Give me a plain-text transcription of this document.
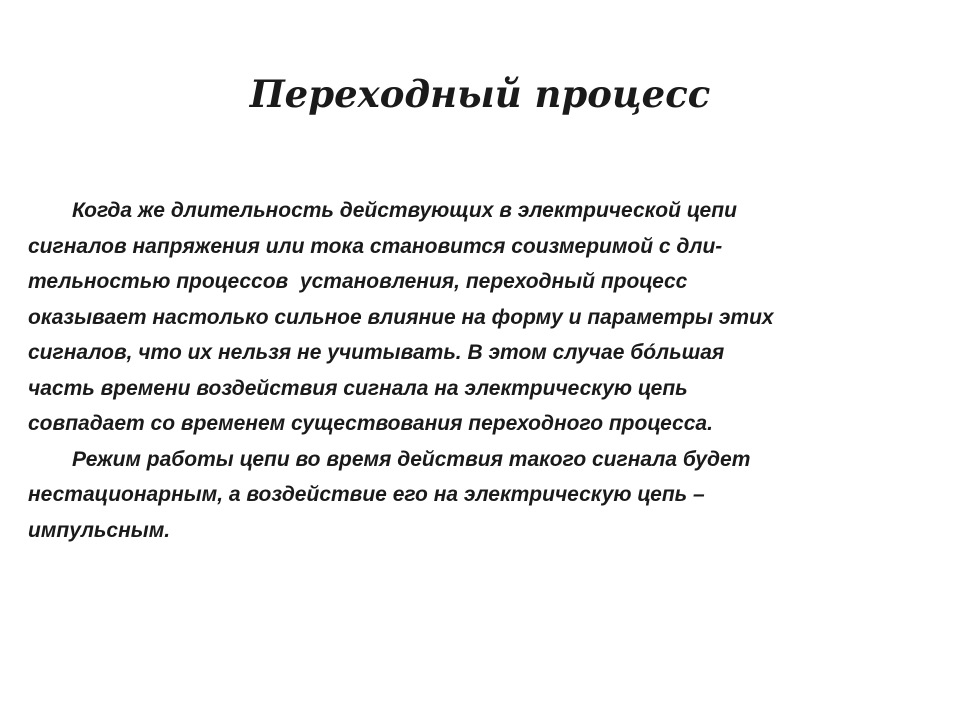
Переходный процесс
Когда же длительность действующих в электрической цепи
сигналов напряжения или тока становится соизмеримой с дли-
тельностью процессов  установления, переходный процесс
оказывает настолько сильное влияние на форму и параметры этих
сигналов, что их нельзя не учитывать. В этом случае бóльшая
часть времени воздействия сигнала на электрическую цепь
совпадает со временем существования переходного процесса.
Режим работы цепи во время действия такого сигнала будет
нестационарным, а воздействие его на электрическую цепь –
импульсным.
